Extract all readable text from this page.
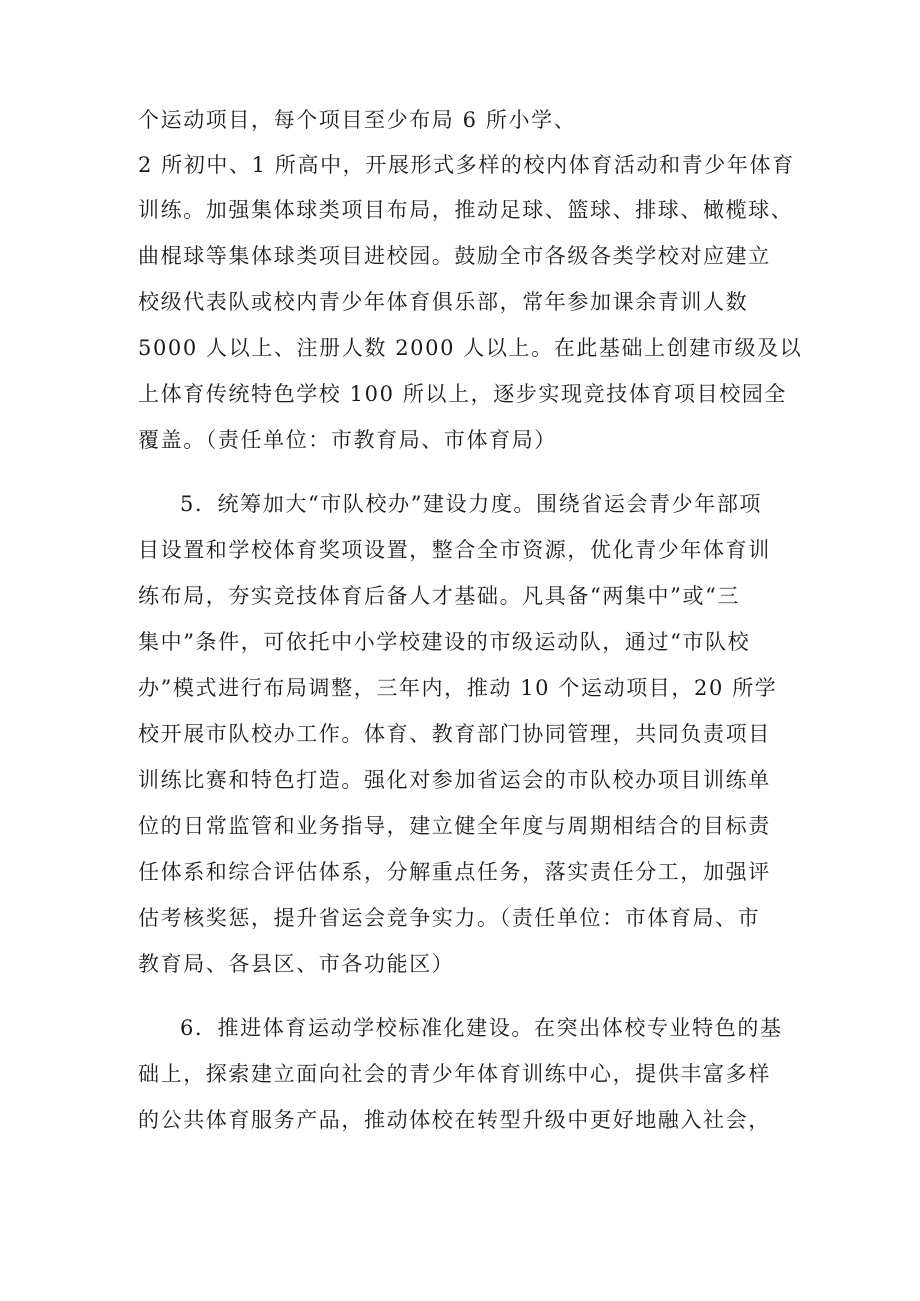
个运动项目，每个项目至少布局 6 所小学、
2 所初中、1 所高中，开展形式多样的校内体育活动和青少年体育
训练。加强集体球类项目布局，推动足球、篮球、排球、橄榄球、
曲棍球等集体球类项目进校园。鼓励全市各级各类学校对应建立
校级代表队或校内青少年体育俱乐部，常年参加课余青训人数
5000 人以上、注册人数 2000 人以上。在此基础上创建市级及以
上体育传统特色学校 100 所以上，逐步实现竞技体育项目校园全
覆盖。（责任单位：市教育局、市体育局）
5．统筹加大“市队校办”建设力度。围绕省运会青少年部项
目设置和学校体育奖项设置，整合全市资源，优化青少年体育训
练布局，夯实竞技体育后备人才基础。凡具备“两集中”或“三
集中”条件，可依托中小学校建设的市级运动队，通过“市队校
办”模式进行布局调整，三年内，推动 10 个运动项目，20 所学
校开展市队校办工作。体育、教育部门协同管理，共同负责项目
训练比赛和特色打造。强化对参加省运会的市队校办项目训练单
位的日常监管和业务指导，建立健全年度与周期相结合的目标责
任体系和综合评估体系，分解重点任务，落实责任分工，加强评
估考核奖惩，提升省运会竞争实力。（责任单位：市体育局、市
教育局、各县区、市各功能区）
6．推进体育运动学校标准化建设。在突出体校专业特色的基
础上，探索建立面向社会的青少年体育训练中心，提供丰富多样
的公共体育服务产品，推动体校在转型升级中更好地融入社会，
